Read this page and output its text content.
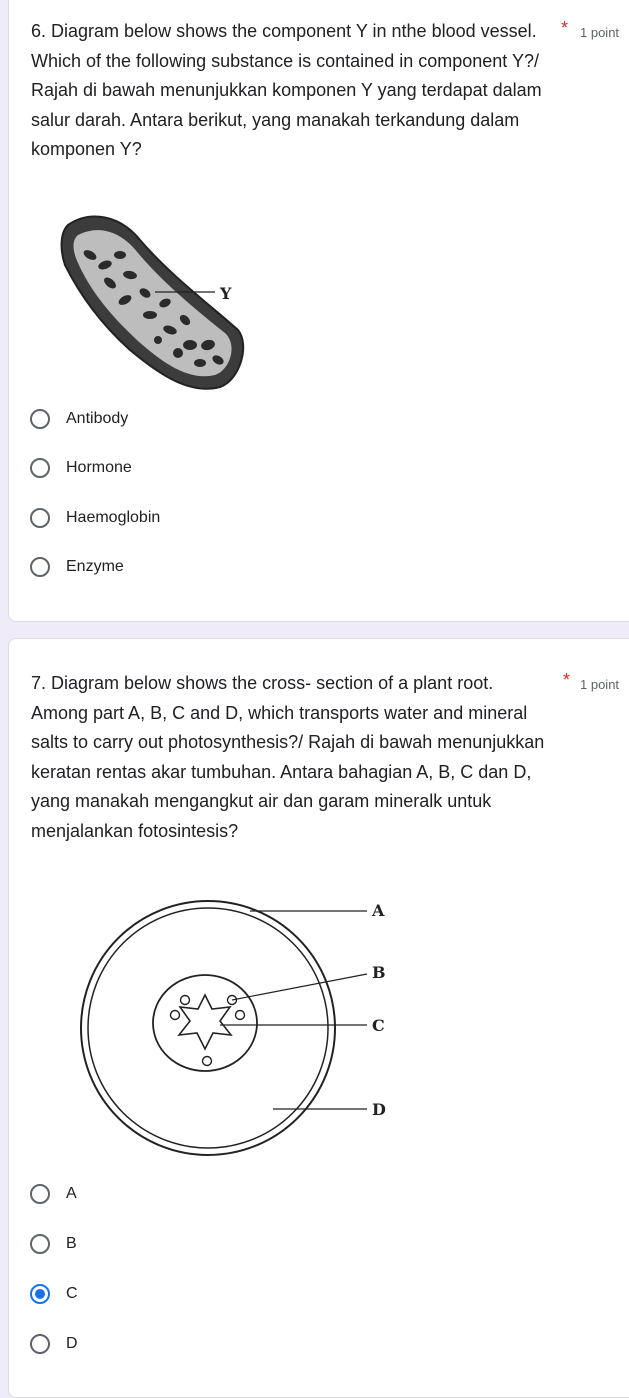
6. Diagram below shows the component Y in nthe blood vessel. Which of the following substance is contained in component Y?/ Rajah di bawah menunjukkan komponen Y yang terdapat dalam salur darah. Antara berikut, yang manakah terkandung dalam komponen Y?
* 1 point
Y
Antibody
Hormone
Haemoglobin
Enzyme
7. Diagram below shows the cross- section of a plant root. Among part A, B, C and D, which transports water and mineral salts to carry out photosynthesis?/ Rajah di bawah menunjukkan keratan rentas akar tumbuhan. Antara bahagian A, B, C dan D, yang manakah mengangkut air dan garam mineralk untuk menjalankan fotosintesis?
* 1 point
A
B
C
D
A
B
C
D
